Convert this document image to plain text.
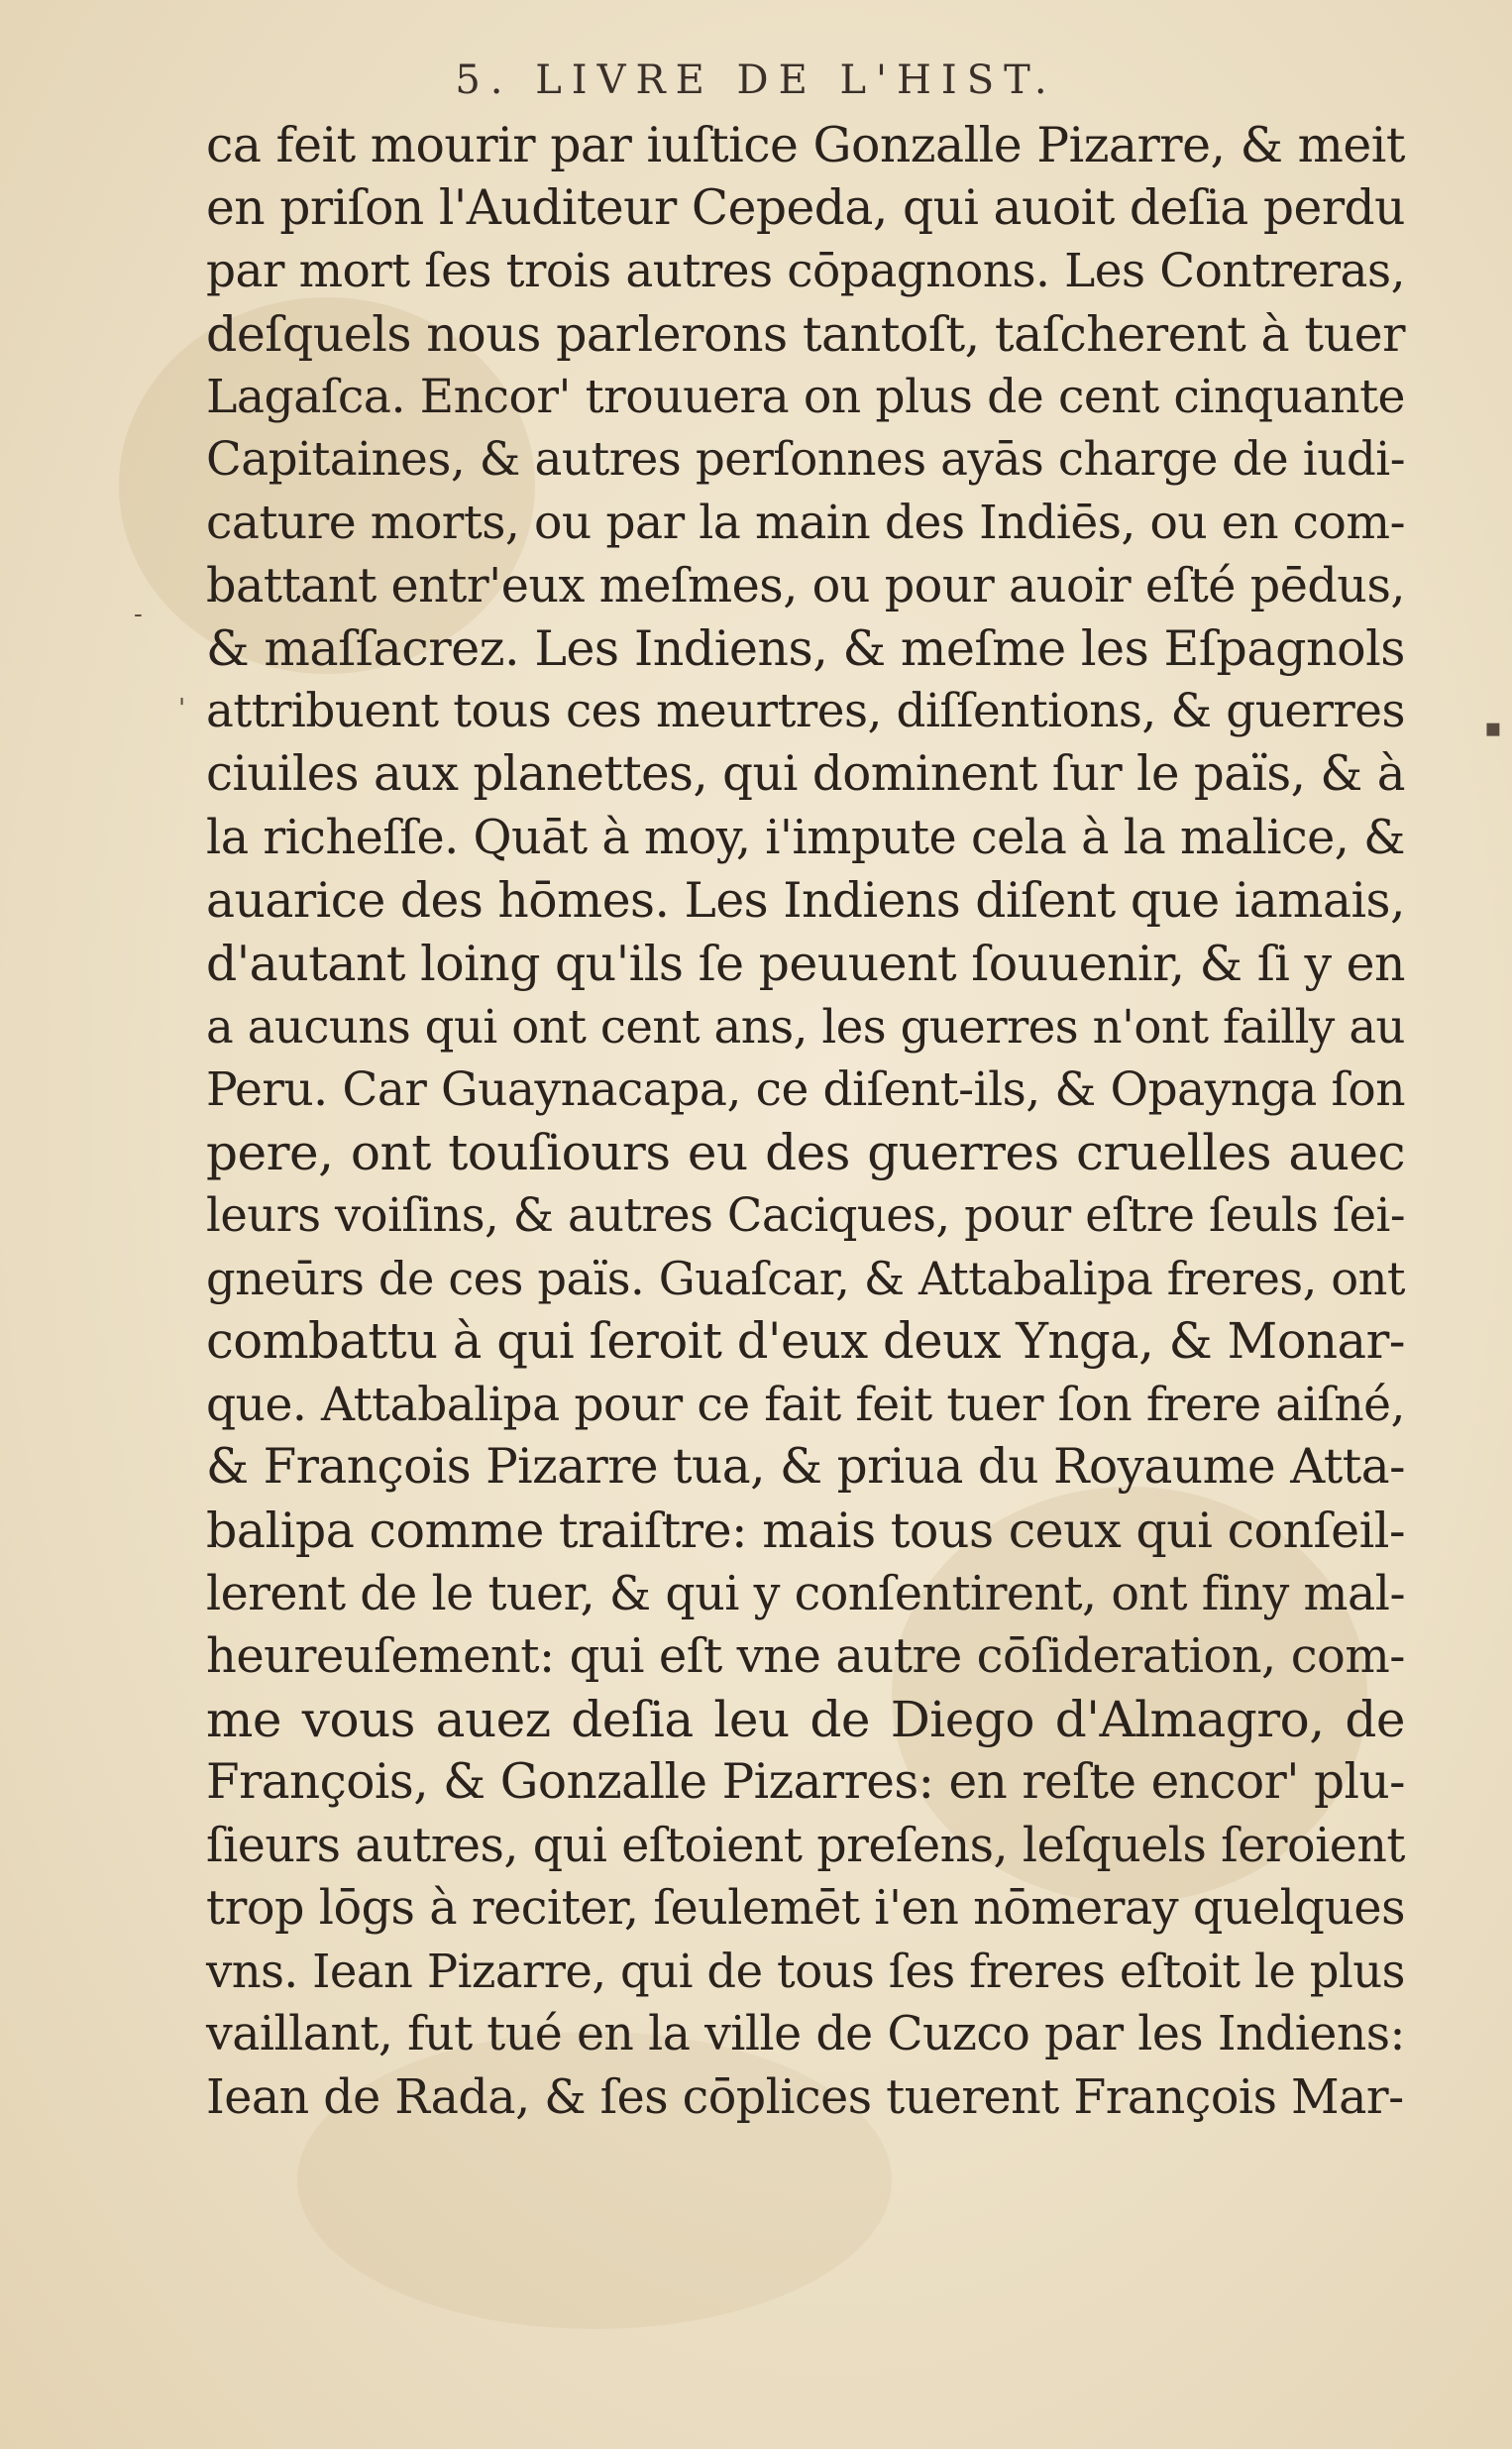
5. LIVRE DE L'HIST.
-
'
▪
ca feit mourir par iuſtice Gonzalle Pizarre, & meit
en priſon l'Auditeur Cepeda, qui auoit deſia perdu
par mort ſes trois autres cōpagnons. Les Contreras,
deſquels nous parlerons tantoſt, taſcherent à tuer
Lagaſca. Encor' trouuera on plus de cent cinquante
Capitaines, & autres perſonnes ayās charge de iudi-
cature morts, ou par la main des Indiēs, ou en com-
battant entr'eux meſmes, ou pour auoir eſté pēdus,
& maſſacrez. Les Indiens, & meſme les Eſpagnols
attribuent tous ces meurtres, diſſentions, & guerres
ciuiles aux planettes, qui dominent ſur le païs, & à
la richeſſe. Quāt à moy, i'impute cela à la malice, &
auarice des hōmes. Les Indiens diſent que iamais,
d'autant loing qu'ils ſe peuuent ſouuenir, & ſi y en
a aucuns qui ont cent ans, les guerres n'ont failly au
Peru. Car Guaynacapa, ce diſent-ils, & Opaynga ſon
pere, ont touſiours eu des guerres cruelles auec
leurs voiſins, & autres Caciques, pour eſtre ſeuls ſei-
gneūrs de ces païs. Guaſcar, & Attabalipa freres, ont
combattu à qui ſeroit d'eux deux Ynga, & Monar-
que. Attabalipa pour ce fait feit tuer ſon frere aiſné,
& François Pizarre tua, & priua du Royaume Atta-
balipa comme traiſtre: mais tous ceux qui conſeil-
lerent de le tuer, & qui y conſentirent, ont finy mal-
heureuſement: qui eſt vne autre cōſideration, com-
me vous auez deſia leu de Diego d'Almagro, de
François, & Gonzalle Pizarres: en reſte encor' plu-
ſieurs autres, qui eſtoient preſens, leſquels ſeroient
trop lōgs à reciter, ſeulemēt i'en nōmeray quelques
vns. Iean Pizarre, qui de tous ſes freres eſtoit le plus
vaillant, fut tué en la ville de Cuzco par les Indiens:
Iean de Rada, & ſes cōplices tuerent François Mar-
